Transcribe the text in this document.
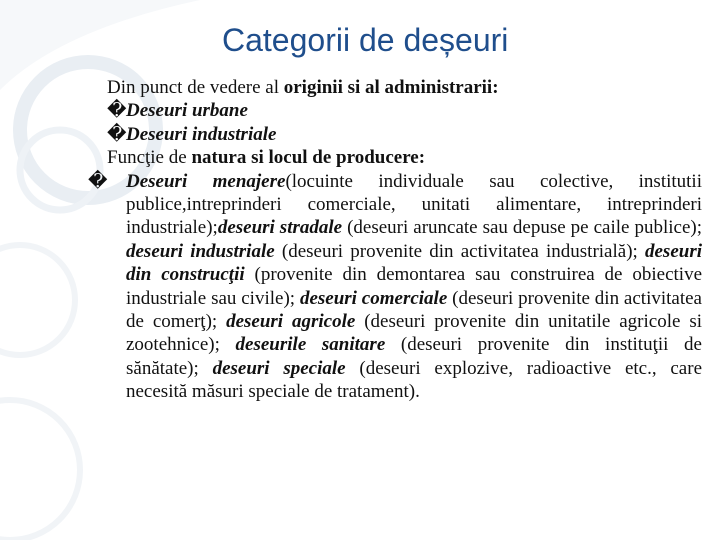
Categorii de deșeuri
Din punct de vedere al originii si al administrarii:
�Deseuri urbane
�Deseuri industriale
Funcţie de natura si locul de producere:
� Deseuri menajere(locuinte individuale sau colective, institutii publice,intreprinderi comerciale, unitati alimentare, intreprinderi industriale);deseuri stradale (deseuri aruncate sau depuse pe caile publice); deseuri industriale (deseuri provenite din activitatea industrială); deseuri din construcţii (provenite din demontarea sau construirea de obiective industriale sau civile); deseuri comerciale (deseuri provenite din activitatea de comerţ); deseuri agricole (deseuri provenite din unitatile agricole si zootehnice); deseurile sanitare (deseuri provenite din instituţii de sănătate); deseuri speciale (deseuri explozive, radioactive etc., care necesită măsuri speciale de tratament).
